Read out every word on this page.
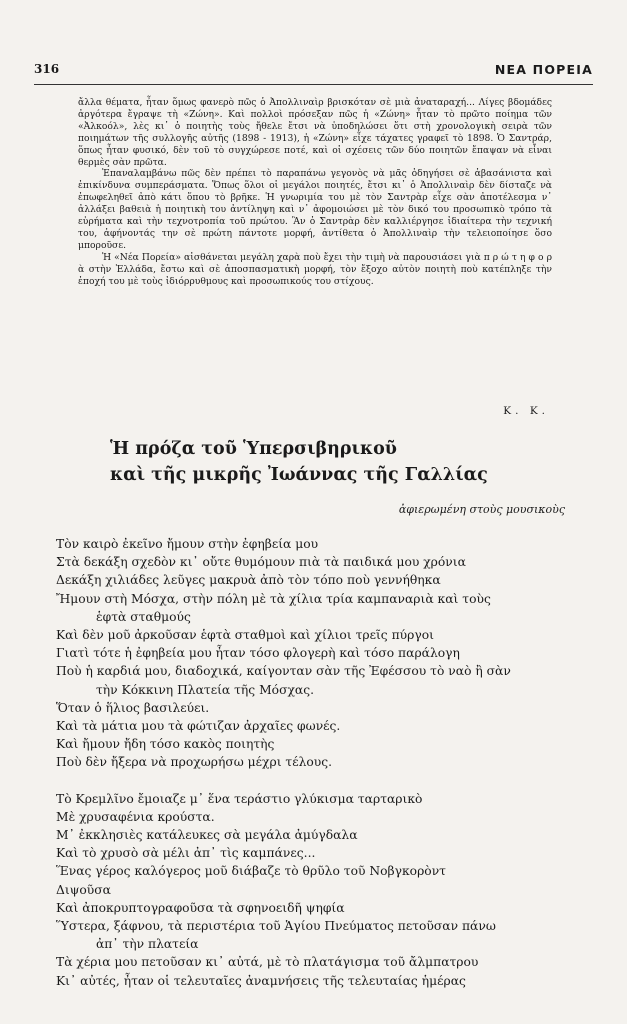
316	ΝΕΑ ΠΟΡΕΙΑ

ἄλλα θέματα, ἦταν ὅμως φανερὸ πῶς ὁ Ἀπολλιναὶρ βρισκόταν σὲ μιὰ ἀναταραχή... Λίγες βδομάδες ἀργότερα ἔγραψε τὴ «Ζώνη». Καὶ πολλοὶ πρόσεξαν πῶς ἡ «Ζώνη» ἦταν τὸ πρῶτο ποίημα τῶν «Ἀλκοόλ», λὲς κι᾿ ὁ ποιητὴς τοὺς ἤθελε ἔτσι νὰ ὑποδηλώσει ὅτι στὴ χρονολογικὴ σειρὰ τῶν ποιημάτων τῆς συλλογῆς αὐτῆς (1898 - 1913), ἡ «Ζώνη» εἶχε τάχατες γραφεῖ τὸ 1898. Ὁ Σαντράρ, ὅπως ἦταν φυσικό, δὲν τοῦ τὸ συγχώρεσε ποτέ, καὶ οἱ σχέσεις τῶν δύο ποιητῶν ἔπαψαν νὰ εἶναι θερμὲς σὰν πρῶτα.

Ἐπαναλαμβάνω πῶς δὲν πρέπει τὸ παραπάνω γεγονὸς νὰ μᾶς ὁδηγήσει σὲ ἀβασάνιστα καὶ ἐπικίνδυνα συμπεράσματα. Ὅπως ὅλοι οἱ μεγάλοι ποιητές, ἔτσι κι᾿ ὁ Ἀπολλιναὶρ δὲν δίσταζε νὰ ἐπωφεληθεῖ ἀπὸ κάτι ὅπου τὸ βρῆκε. Ἡ γνωριμία του μὲ τὸν Σαντρὰρ εἶχε σὰν ἀποτέλεσμα ν᾿ ἀλλάξει βαθειὰ ἡ ποιητικὴ του ἀντίληψη καὶ ν᾿ ἀφομοιώσει μὲ τὸν δικό του προσωπικὸ τρόπο τὰ εὑρήματα καὶ τὴν τεχνοτροπία τοῦ πρώτου. Ἂν ὁ Σαντρὰρ δὲν καλλιέργησε ἰδιαίτερα τὴν τεχνική του, ἀφήνοντάς την σὲ πρώτη πάντοτε μορφή, ἀντίθετα ὁ Ἀπολλιναὶρ τὴν τελειοποίησε ὅσο μποροῦσε.

Ἡ «Νέα Πορεία» αἰσθάνεται μεγάλη χαρὰ ποὺ ἔχει τὴν τιμὴ νὰ παρουσιάσει γιὰ π ρ ώ τ η φ ο ρ ὰ στὴν Ἑλλάδα, ἔστω καὶ σὲ ἀποσπασματικὴ μορφή, τὸν ἔξοχο αὐτὸν ποιητὴ ποὺ κατέπληξε τὴν ἐποχή του μὲ τοὺς ἰδιόρρυθμους καὶ προσωπικούς του στίχους.

Κ. Κ.
Ἡ πρόζα τοῦ Ὑπερσιβηρικοῦ
καὶ τῆς μικρῆς Ἰωάννας τῆς Γαλλίας
ἀφιερωμένη στοὺς μουσικοὺς
Τὸν καιρὸ ἐκεῖνο ἤμουν στὴν ἐφηβεία μου
Στὰ δεκάξη σχεδὸν κι᾿ οὔτε θυμόμουν πιὰ τὰ παιδικά μου χρόνια
Δεκάξη χιλιάδες λεῦγες μακρυὰ ἀπὸ τὸν τόπο ποὺ γεννήθηκα
Ἤμουν στὴ Μόσχα, στὴν πόλη μὲ τὰ χίλια τρία καμπαναριὰ καὶ τοὺς
ἑφτὰ σταθμούς
Καὶ δὲν μοῦ ἀρκοῦσαν ἑφτὰ σταθμοὶ καὶ χίλιοι τρεῖς πύργοι
Γιατὶ τότε ἡ ἐφηβεία μου ἦταν τόσο φλογερὴ καὶ τόσο παράλογη
Ποὺ ἡ καρδιά μου, διαδοχικά, καίγονταν σὰν τῆς Ἐφέσσου τὸ ναὸ ἢ σὰν
τὴν Κόκκινη Πλατεία τῆς Μόσχας.
Ὅταν ὁ ἥλιος βασιλεύει.
Καὶ τὰ μάτια μου τὰ φώτιζαν ἀρχαῖες φωνές.
Καὶ ἤμουν ἤδη τόσο κακὸς ποιητὴς
Ποὺ δὲν ἤξερα νὰ προχωρήσω μέχρι τέλους.
Τὸ Κρεμλῖνο ἔμοιαζε μ᾿ ἕνα τεράστιο γλύκισμα ταρταρικὸ
Μὲ χρυσαφένια κρούστα.
Μ᾿ ἐκκλησιὲς κατάλευκες σὰ μεγάλα ἀμύγδαλα
Καὶ τὸ χρυσὸ σὰ μέλι ἀπ᾿ τὶς καμπάνες...
Ἕνας γέρος καλόγερος μοῦ διάβαζε τὸ θρῦλο τοῦ Νοβγκορὸντ
Διψοῦσα
Καὶ ἀποκρυπτογραφοῦσα τὰ σφηνοειδῆ ψηφία
Ὕστερα, ξάφνου, τὰ περιστέρια τοῦ Ἁγίου Πνεύματος πετοῦσαν πάνω
ἀπ᾿ τὴν πλατεία
Τὰ χέρια μου πετοῦσαν κι᾿ αὐτά, μὲ τὸ πλατάγισμα τοῦ ἄλμπατρου
Κι᾿ αὐτές, ἦταν οἱ τελευταῖες ἀναμνήσεις τῆς τελευταίας ἡμέρας
